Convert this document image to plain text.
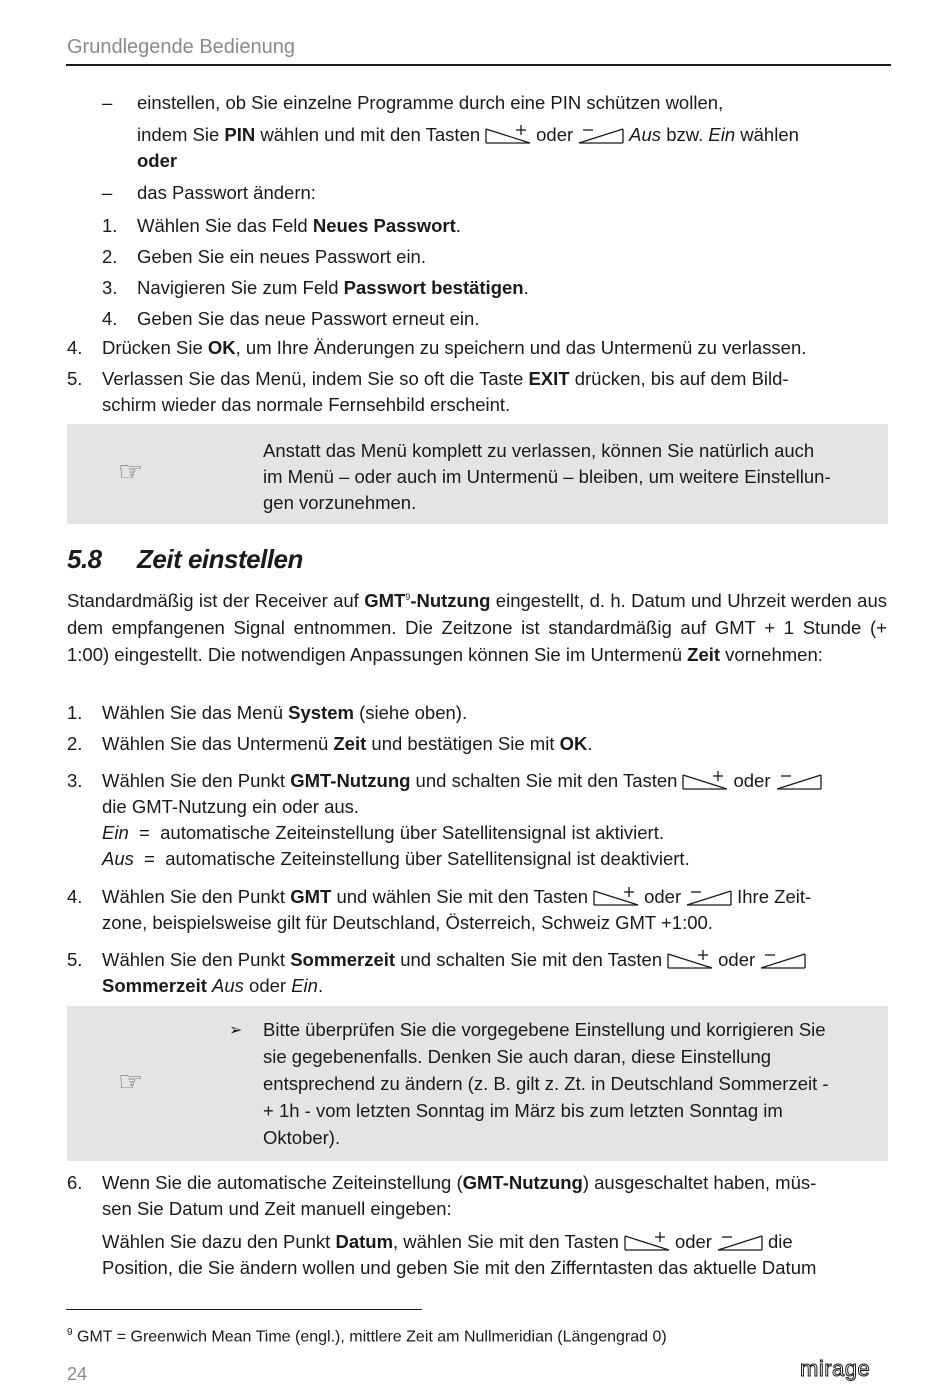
Grundlegende Bedienung
– einstellen, ob Sie einzelne Programme durch eine PIN schützen wollen,
indem Sie PIN wählen und mit den Tasten	oder	Aus bzw. Ein wählen
oder
– das Passwort ändern:
1. Wählen Sie das Feld Neues Passwort.
2. Geben Sie ein neues Passwort ein.
3. Navigieren Sie zum Feld Passwort bestätigen.
4. Geben Sie das neue Passwort erneut ein.
4. Drücken Sie OK, um Ihre Änderungen zu speichern und das Untermenü zu verlassen.
5. Verlassen Sie das Menü, indem Sie so oft die Taste EXIT drücken, bis auf dem Bild-
schirm wieder das normale Fernsehbild erscheint.
☞
Anstatt das Menü komplett zu verlassen, können Sie natürlich auch
im Menü – oder auch im Untermenü – bleiben, um weitere Einstellun-
gen vorzunehmen.
5.8 Zeit einstellen
Standardmäßig ist der Receiver auf GMT$^9$-Nutzung eingestellt, d. h. Datum und Uhrzeit werden aus dem empfangenen Signal entnommen. Die Zeitzone ist standardmäßig auf GMT + 1 Stunde (+ 1:00) eingestellt. Die notwendigen Anpassungen können Sie im Untermenü Zeit vornehmen:
1. Wählen Sie das Menü System (siehe oben).
2. Wählen Sie das Untermenü Zeit und bestätigen Sie mit OK.
3. Wählen Sie den Punkt GMT-Nutzung und schalten Sie mit den Tasten	oder
die GMT-Nutzung ein oder aus.
Ein = automatische Zeiteinstellung über Satellitensignal ist aktiviert.
Aus = automatische Zeiteinstellung über Satellitensignal ist deaktiviert.
4. Wählen Sie den Punkt GMT und wählen Sie mit den Tasten	oder	Ihre Zeit-
zone, beispielsweise gilt für Deutschland, Österreich, Schweiz GMT +1:00.
5. Wählen Sie den Punkt Sommerzeit und schalten Sie mit den Tasten	oder
Sommerzeit Aus oder Ein.
☞
➢ Bitte überprüfen Sie die vorgegebene Einstellung und korrigieren Sie
sie gegebenenfalls. Denken Sie auch daran, diese Einstellung
entsprechend zu ändern (z. B. gilt z. Zt. in Deutschland Sommerzeit -
+ 1h - vom letzten Sonntag im März bis zum letzten Sonntag im
Oktober).
6. Wenn Sie die automatische Zeiteinstellung (GMT-Nutzung) ausgeschaltet haben, müs-
sen Sie Datum und Zeit manuell eingeben:
Wählen Sie dazu den Punkt Datum, wählen Sie mit den Tasten	oder	die
Position, die Sie ändern wollen und geben Sie mit den Zifferntasten das aktuelle Datum
$^9$ GMT = Greenwich Mean Time (engl.), mittlere Zeit am Nullmeridian (Längengrad 0)
24	mirage
